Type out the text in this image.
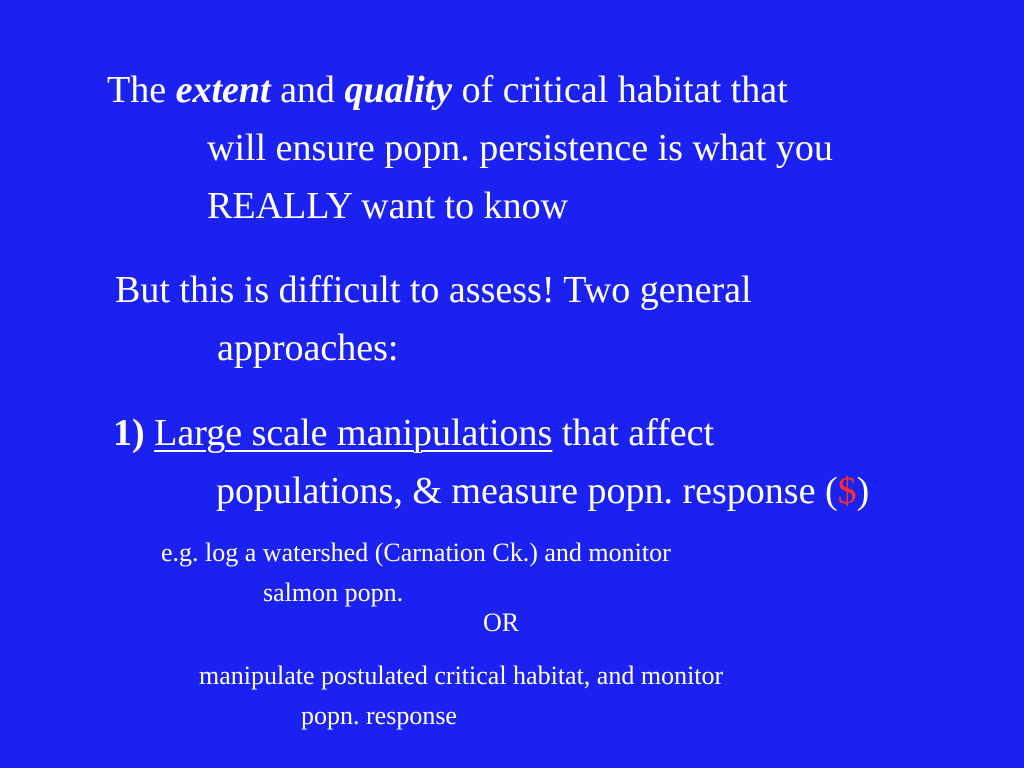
The extent and quality of critical habitat that
will ensure popn. persistence is what you
REALLY want to know
But this is difficult to assess! Two general
approaches:
1) Large scale manipulations that affect
populations, & measure popn. response ($)
e.g. log a watershed (Carnation Ck.) and monitor
salmon popn.
OR
manipulate postulated critical habitat, and monitor
popn. response
